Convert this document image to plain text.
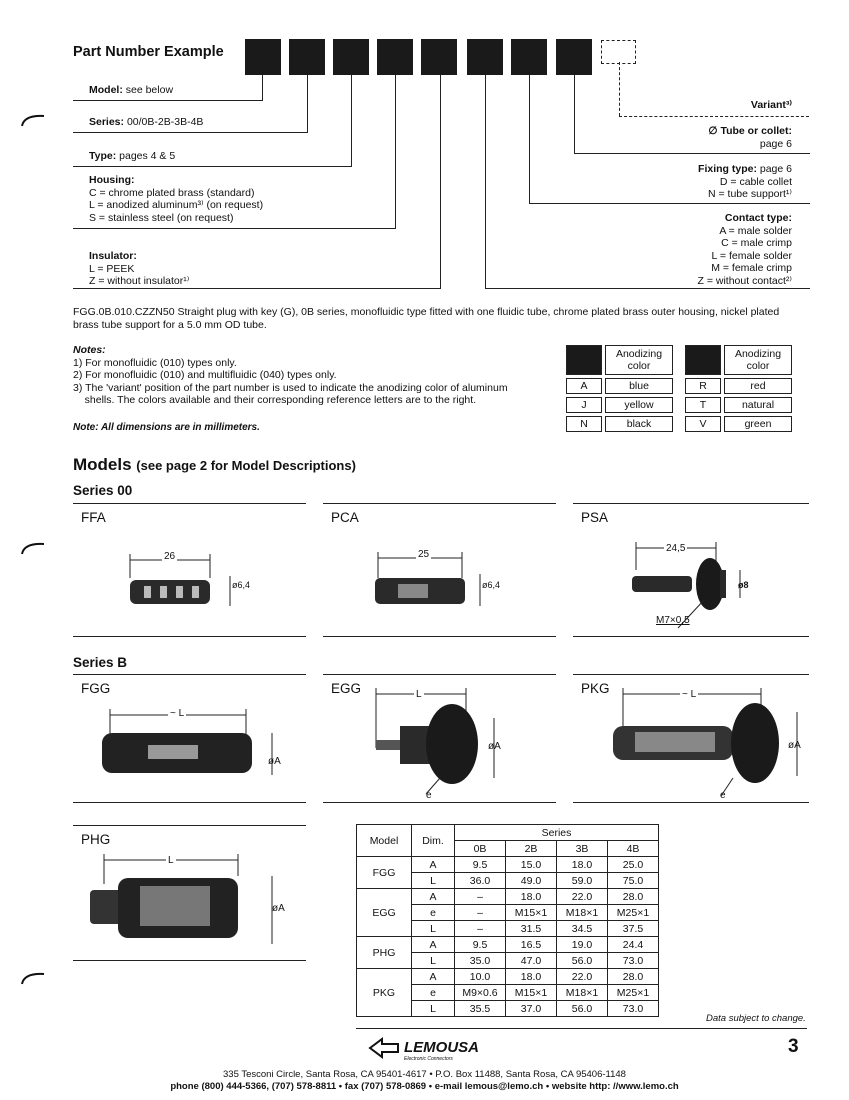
Part Number Example
Model: see below
Series: 00/0B-2B-3B-4B
Type: pages 4 & 5
Housing:
C = chrome plated brass (standard)
L = anodized aluminum³⁾ (on request)
S = stainless steel (on request)
Insulator:
L = PEEK
Z = without insulator¹⁾
Variant³⁾
∅ Tube or collet:
page 6
Fixing type: page 6
D = cable collet
N = tube support¹⁾
Contact type:
A = male solder
C = male crimp
L = female solder
M = female crimp
Z = without contact²⁾
FGG.0B.010.CZZN50 Straight plug with key (G), 0B series, monofluidic type fitted with one fluidic tube, chrome plated brass outer housing, nickel plated brass tube support for a 5.0 mm OD tube.
Notes:
1) For monofluidic (010) types only.
2) For monofluidic (010) and multifluidic (040) types only.
3) The 'variant' position of the part number is used to indicate the anodizing color of aluminum
shells. The colors available and their corresponding reference letters are to the right.
Note: All dimensions are in millimeters.
	Anodizing color
A	blue
J	yellow
N	black
	Anodizing color
R	red
T	natural
V	green
Models (see page 2 for Model Descriptions)
Series 00
FFA	PCA	PSA
26
ø6,4
25
ø6,4
24,5
ø8
M7×0,5
Series B
FGG	EGG	PKG
~ L
øA
L
øA
e
~ L
øA
e
PHG
L
øA
Model	Dim.	Series			
		0B	2B	3B	4B
FGG	A	9.5	15.0	18.0	25.0
	L	36.0	49.0	59.0	75.0
EGG	A	–	18.0	22.0	28.0
	e	–	M15×1	M18×1	M25×1
	L	–	31.5	34.5	37.5
PHG	A	9.5	16.5	19.0	24.4
	L	35.0	47.0	56.0	73.0
PKG	A	10.0	18.0	22.0	28.0
	e	M9×0.6	M15×1	M18×1	M25×1
	L	35.5	37.0	56.0	73.0
Data subject to change.
LEMOUSA
Electronic Connectors
3
335 Tesconi Circle, Santa Rosa, CA 95401-4617 • P.O. Box 11488, Santa Rosa, CA 95406-1148
phone (800) 444-5366, (707) 578-8811 • fax (707) 578-0869 • e-mail lemous@lemo.ch • website http: //www.lemo.ch
